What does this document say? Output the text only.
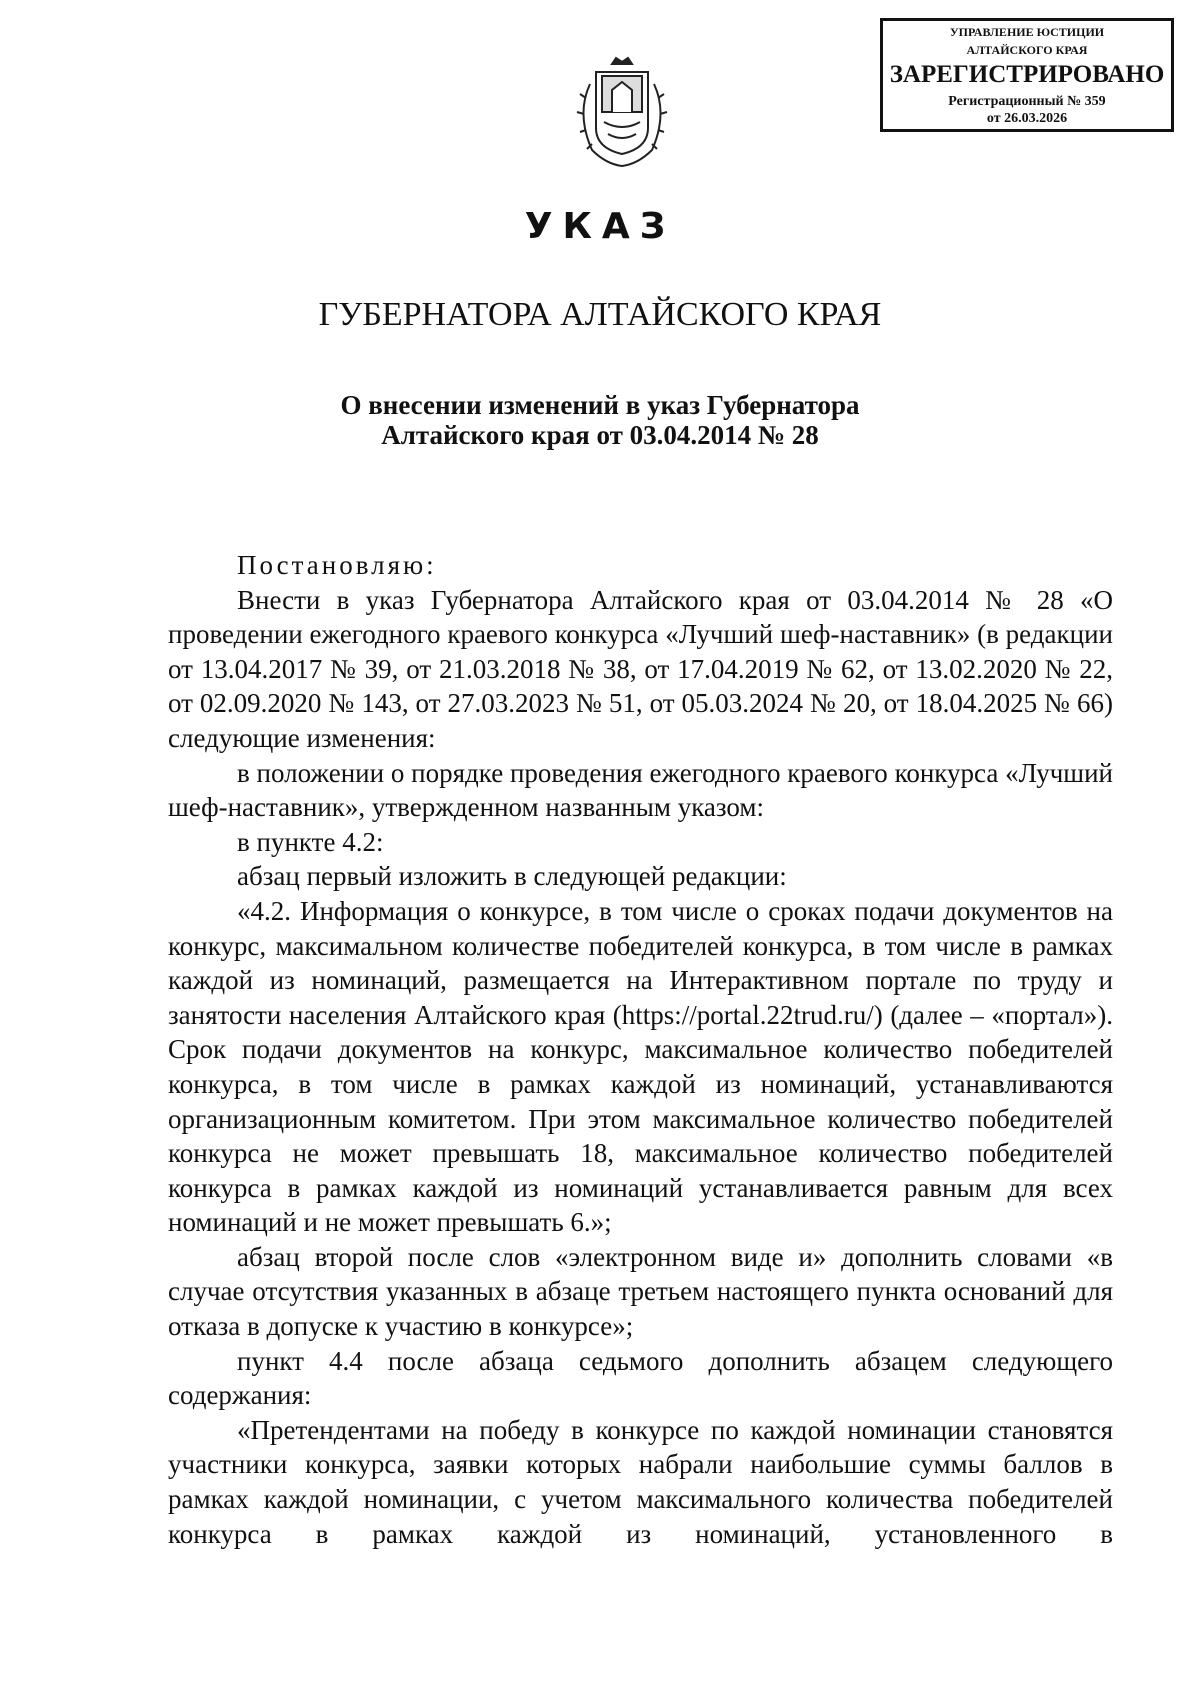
УПРАВЛЕНИЕ ЮСТИЦИИ
АЛТАЙСКОГО КРАЯ
ЗАРЕГИСТРИРОВАНО
Регистрационный № 359
от 26.03.2026
УКАЗ
ГУБЕРНАТОРА АЛТАЙСКОГО КРАЯ
О внесении изменений в указ Губернатора
Алтайского края от 03.04.2014 № 28

Постановляю:

Внести в указ Губернатора Алтайского края от 03.04.2014 № 28 «О проведении ежегодного краевого конкурса «Лучший шеф-наставник» (в редакции от 13.04.2017 № 39, от 21.03.2018 № 38, от 17.04.2019 № 62, от 13.02.2020 № 22, от 02.09.2020 № 143, от 27.03.2023 № 51, от 05.03.2024 № 20, от 18.04.2025 № 66) следующие изменения:

в положении о порядке проведения ежегодного краевого конкурса «Лучший шеф-наставник», утвержденном названным указом:

в пункте 4.2:

абзац первый изложить в следующей редакции:

«4.2. Информация о конкурсе, в том числе о сроках подачи документов на конкурс, максимальном количестве победителей конкурса, в том числе в рамках каждой из номинаций, размещается на Интерактивном портале по труду и занятости населения Алтайского края (https://portal.22trud.ru/) (далее – «портал»). Срок подачи документов на конкурс, максимальное количество победителей конкурса, в том числе в рамках каждой из номинаций, устанавливаются организационным комитетом. При этом максимальное количество победителей конкурса не может превышать 18, максимальное количество победителей конкурса в рамках каждой из номинаций устанавливается равным для всех номинаций и не может превышать 6.»;

абзац второй после слов «электронном виде и» дополнить словами «в случае отсутствия указанных в абзаце третьем настоящего пункта оснований для отказа в допуске к участию в конкурсе»;

пункт 4.4 после абзаца седьмого дополнить абзацем следующего содержания:

«Претендентами на победу в конкурсе по каждой номинации становятся участники конкурса, заявки которых набрали наибольшие суммы баллов в рамках каждой номинации, с учетом максимального количества победителей конкурса в рамках каждой из номинаций, установленного в
